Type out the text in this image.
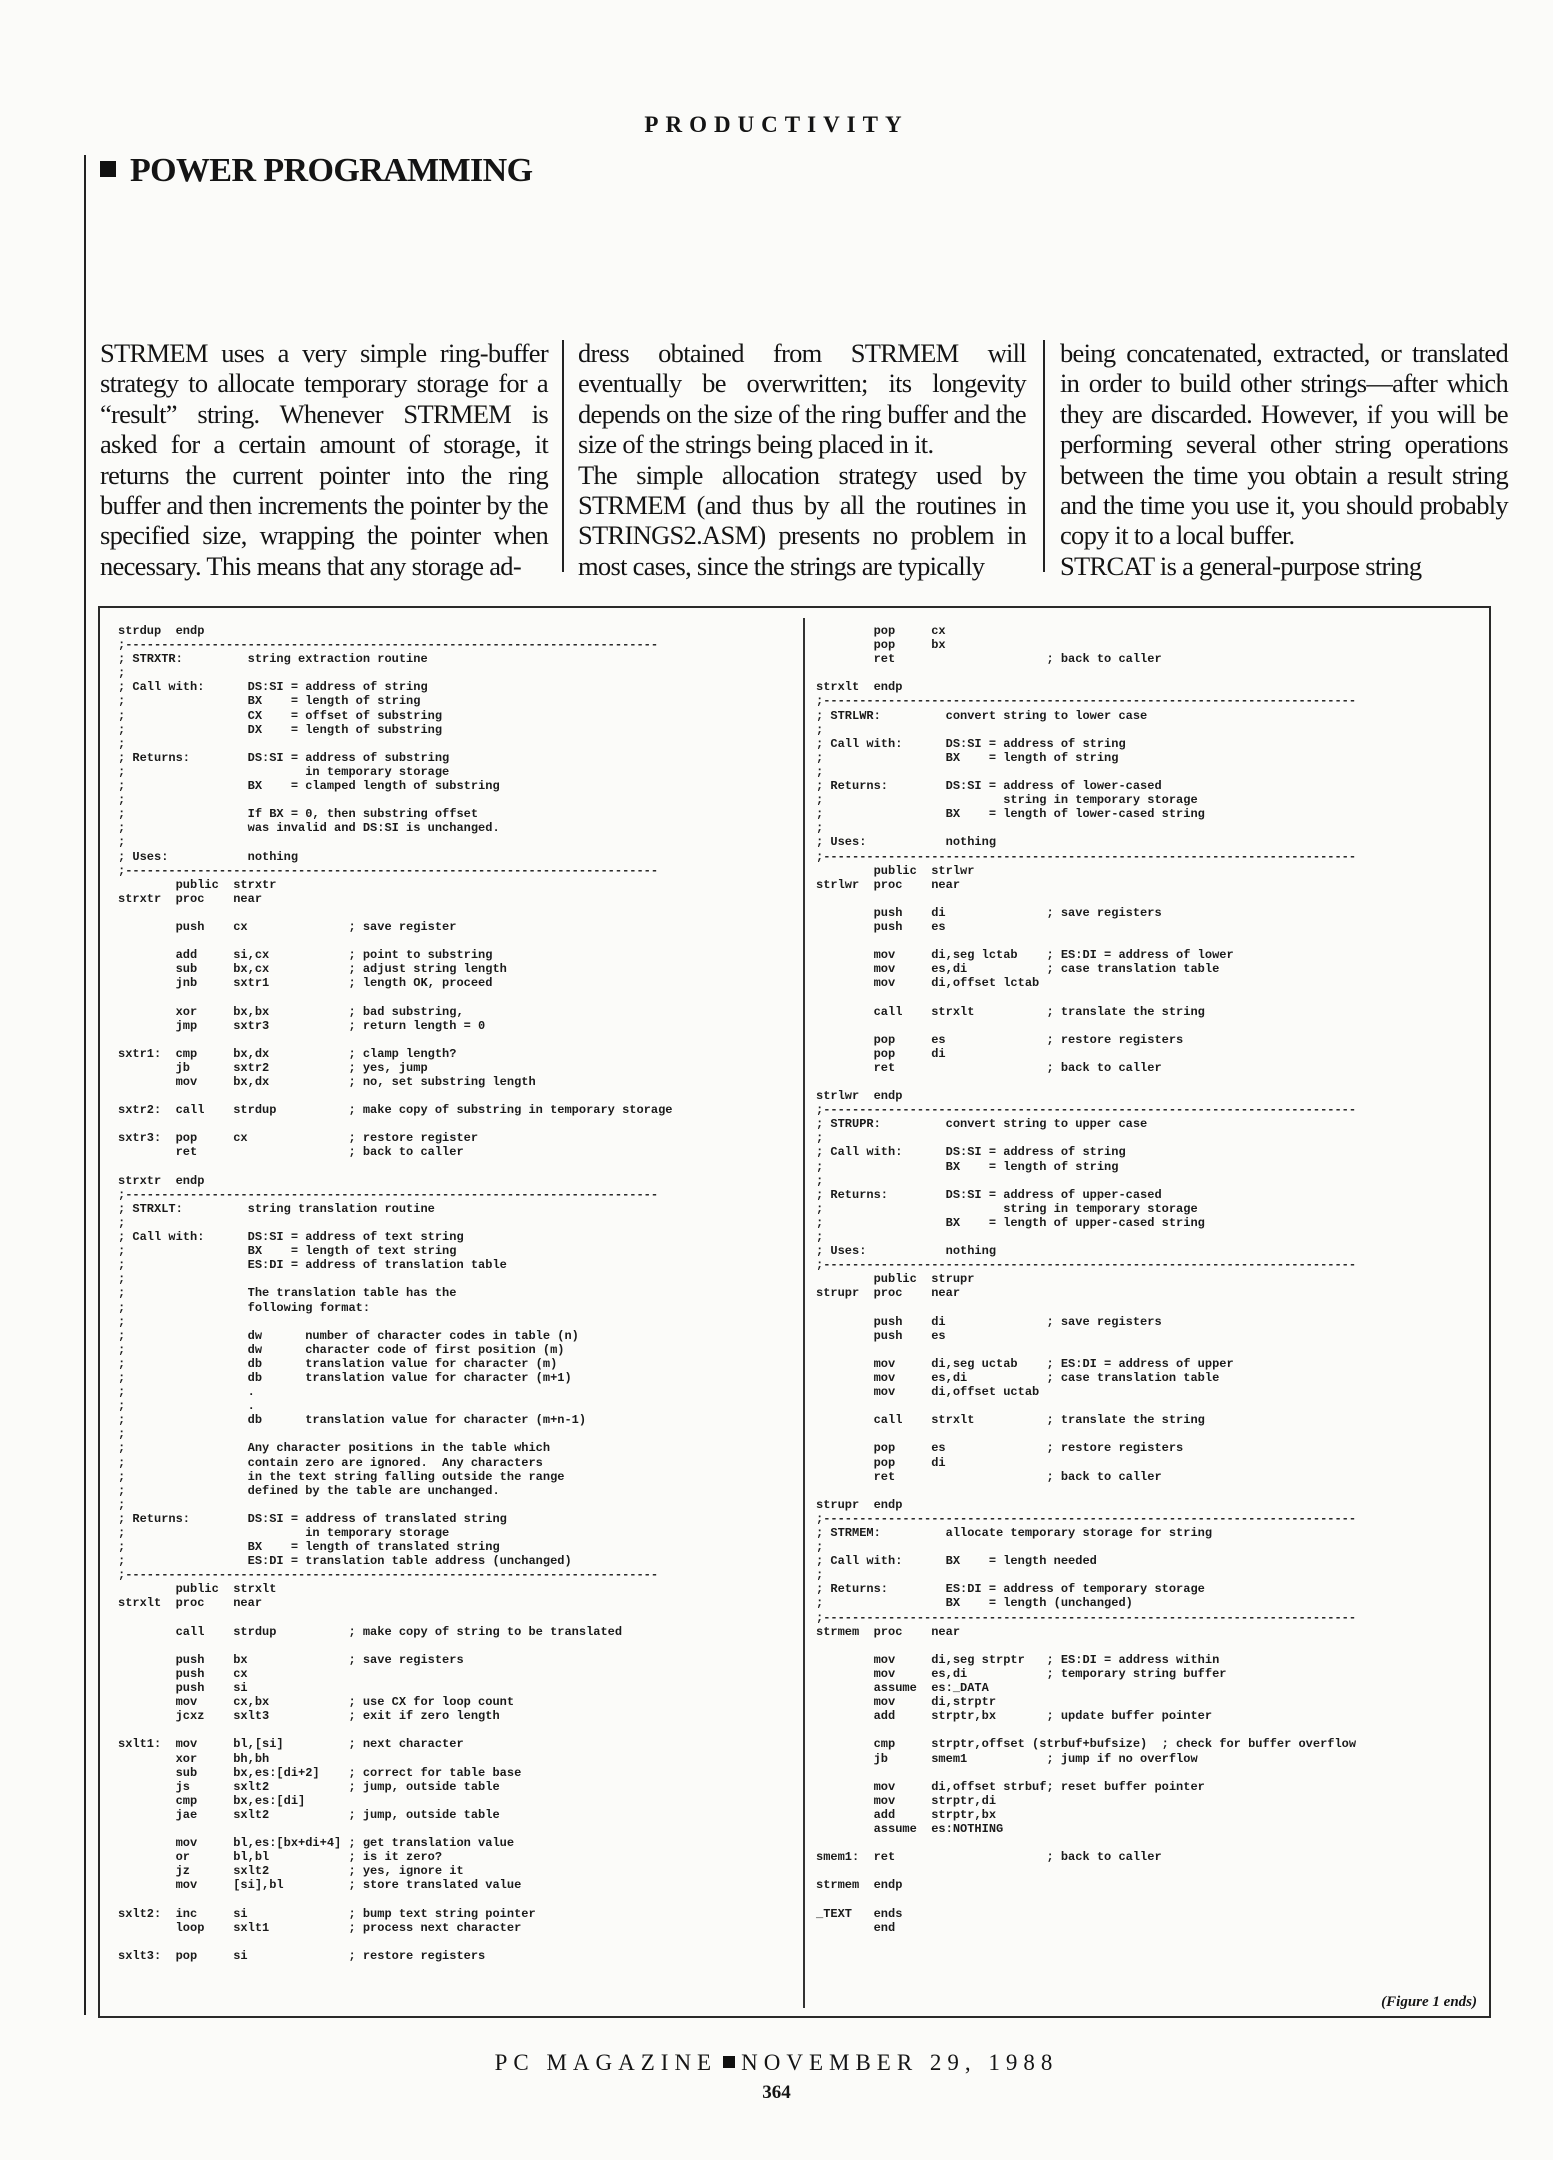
PRODUCTIVITY
POWER PROGRAMMING
STRMEM uses a very simple ring-buffer strategy to allocate temporary storage for a “result” string. Whenever STRMEM is asked for a certain amount of storage, it returns the current pointer into the ring buffer and then increments the pointer by the specified size, wrapping the pointer when necessary. This means that any storage ad-
dress obtained from STRMEM will eventually be overwritten; its longevity depends on the size of the ring buffer and the size of the strings being placed in it.
The simple allocation strategy used by STRMEM (and thus by all the routines in STRINGS2.ASM) presents no problem in most cases, since the strings are typically
being concatenated, extracted, or translated in order to build other strings—after which they are discarded. However, if you will be performing several other string operations between the time you obtain a result string and the time you use it, you should probably copy it to a local buffer.
STRCAT is a general-purpose string
strdup  endp
;--------------------------------------------------------------------------
; STRXTR:         string extraction routine
;
; Call with:      DS:SI = address of string
;                 BX    = length of string
;                 CX    = offset of substring
;                 DX    = length of substring
;
; Returns:        DS:SI = address of substring
;                         in temporary storage
;                 BX    = clamped length of substring
;
;                 If BX = 0, then substring offset
;                 was invalid and DS:SI is unchanged.
;
; Uses:           nothing
;--------------------------------------------------------------------------
public  strxtr
strxtr  proc    near

push    cx              ; save register

add     si,cx           ; point to substring
sub     bx,cx           ; adjust string length
jnb     sxtr1           ; length OK, proceed

xor     bx,bx           ; bad substring,
jmp     sxtr3           ; return length = 0

sxtr1:  cmp     bx,dx           ; clamp length?
jb      sxtr2           ; yes, jump
mov     bx,dx           ; no, set substring length

sxtr2:  call    strdup          ; make copy of substring in temporary storage

sxtr3:  pop     cx              ; restore register
ret                     ; back to caller

strxtr  endp
;--------------------------------------------------------------------------
; STRXLT:         string translation routine
;
; Call with:      DS:SI = address of text string
;                 BX    = length of text string
;                 ES:DI = address of translation table
;
;                 The translation table has the
;                 following format:
;
;                 dw      number of character codes in table (n)
;                 dw      character code of first position (m)
;                 db      translation value for character (m)
;                 db      translation value for character (m+1)
;                 .
;                 .
;                 db      translation value for character (m+n-1)
;
;                 Any character positions in the table which
;                 contain zero are ignored.  Any characters
;                 in the text string falling outside the range
;                 defined by the table are unchanged.
;
; Returns:        DS:SI = address of translated string
;                         in temporary storage
;                 BX    = length of translated string
;                 ES:DI = translation table address (unchanged)
;--------------------------------------------------------------------------
public  strxlt
strxlt  proc    near

call    strdup          ; make copy of string to be translated

push    bx              ; save registers
push    cx
push    si
mov     cx,bx           ; use CX for loop count
jcxz    sxlt3           ; exit if zero length

sxlt1:  mov     bl,[si]         ; next character
xor     bh,bh
sub     bx,es:[di+2]    ; correct for table base
js      sxlt2           ; jump, outside table
cmp     bx,es:[di]
jae     sxlt2           ; jump, outside table

mov     bl,es:[bx+di+4] ; get translation value
or      bl,bl           ; is it zero?
jz      sxlt2           ; yes, ignore it
mov     [si],bl         ; store translated value

sxlt2:  inc     si              ; bump text string pointer
loop    sxlt1           ; process next character

sxlt3:  pop     si              ; restore registers
pop     cx
pop     bx
ret                     ; back to caller

strxlt  endp
;--------------------------------------------------------------------------
; STRLWR:         convert string to lower case
;
; Call with:      DS:SI = address of string
;                 BX    = length of string
;
; Returns:        DS:SI = address of lower-cased
;                         string in temporary storage
;                 BX    = length of lower-cased string
;
; Uses:           nothing
;--------------------------------------------------------------------------
public  strlwr
strlwr  proc    near

push    di              ; save registers
push    es

mov     di,seg lctab    ; ES:DI = address of lower
mov     es,di           ; case translation table
mov     di,offset lctab

call    strxlt          ; translate the string

pop     es              ; restore registers
pop     di
ret                     ; back to caller

strlwr  endp
;--------------------------------------------------------------------------
; STRUPR:         convert string to upper case
;
; Call with:      DS:SI = address of string
;                 BX    = length of string
;
; Returns:        DS:SI = address of upper-cased
;                         string in temporary storage
;                 BX    = length of upper-cased string
;
; Uses:           nothing
;--------------------------------------------------------------------------
public  strupr
strupr  proc    near

push    di              ; save registers
push    es

mov     di,seg uctab    ; ES:DI = address of upper
mov     es,di           ; case translation table
mov     di,offset uctab

call    strxlt          ; translate the string

pop     es              ; restore registers
pop     di
ret                     ; back to caller

strupr  endp
;--------------------------------------------------------------------------
; STRMEM:         allocate temporary storage for string
;
; Call with:      BX    = length needed
;
; Returns:        ES:DI = address of temporary storage
;                 BX    = length (unchanged)
;--------------------------------------------------------------------------
strmem  proc    near

mov     di,seg strptr   ; ES:DI = address within
mov     es,di           ; temporary string buffer
assume  es:_DATA
mov     di,strptr
add     strptr,bx       ; update buffer pointer

cmp     strptr,offset (strbuf+bufsize)  ; check for buffer overflow
jb      smem1           ; jump if no overflow

mov     di,offset strbuf; reset buffer pointer
mov     strptr,di
add     strptr,bx
assume  es:NOTHING

smem1:  ret                     ; back to caller

strmem  endp

_TEXT   ends
end
(Figure 1 ends)
PC MAGAZINE NOVEMBER 29, 1988
364
